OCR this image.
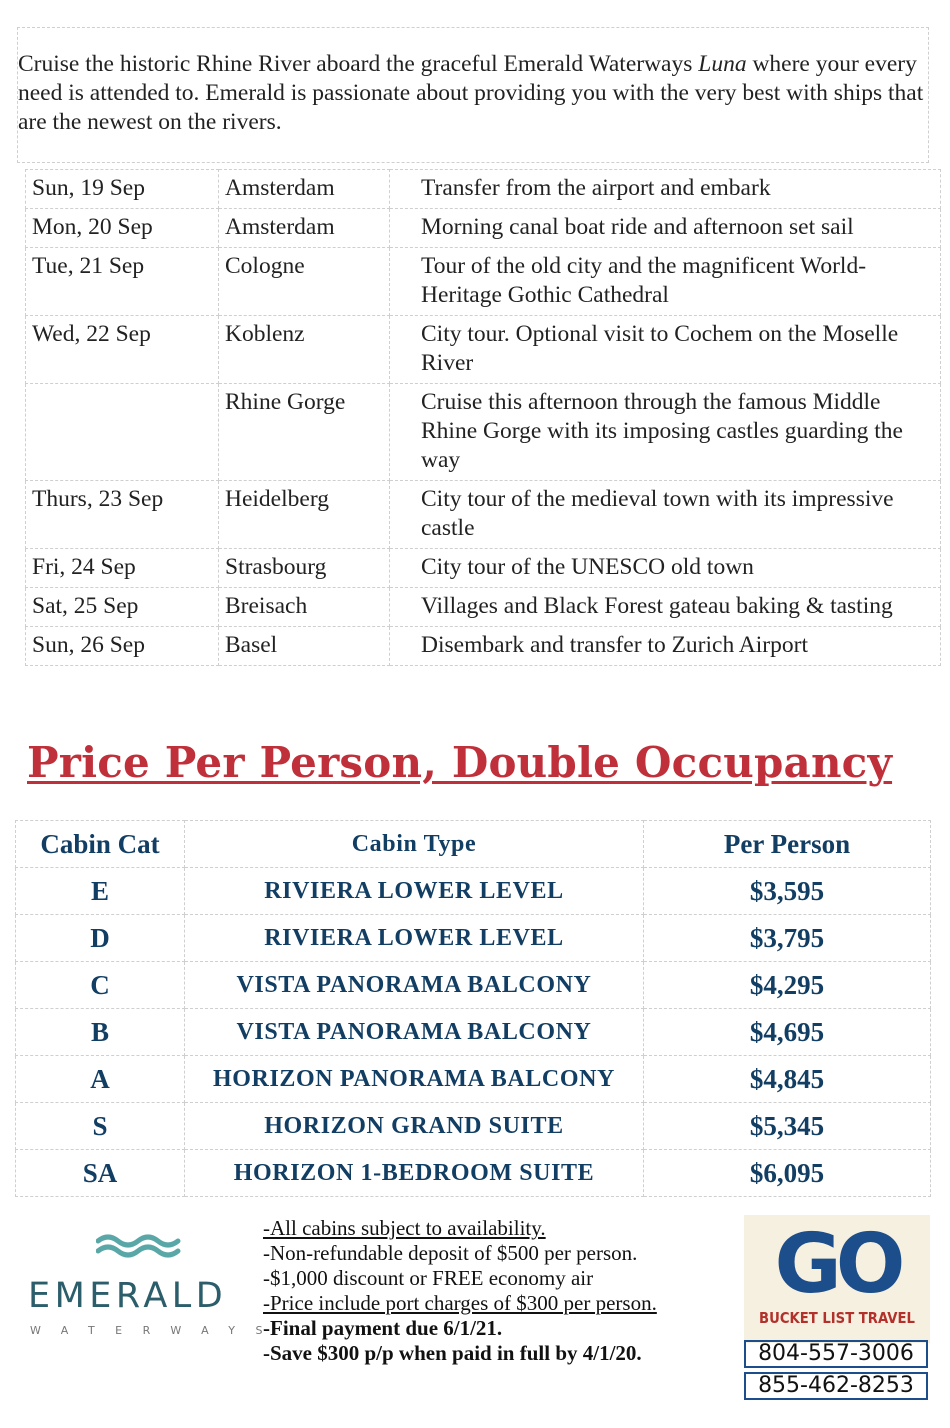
Cruise the historic Rhine River aboard the graceful Emerald Waterways Luna where your every need is attended to. Emerald is passionate about providing you with the very best with ships that are the newest on the rivers.
Sun, 19 Sep	Amsterdam	Transfer from the airport and embark
Mon, 20 Sep	Amsterdam	Morning canal boat ride and afternoon set sail
Tue, 21 Sep	Cologne	Tour of the old city and the magnificent World-Heritage Gothic Cathedral
Wed, 22 Sep	Koblenz	City tour. Optional visit to Cochem on the Moselle River
	Rhine Gorge	Cruise this afternoon through the famous Middle Rhine Gorge with its imposing castles guarding the way
Thurs, 23 Sep	Heidelberg	City tour of the medieval town with its impressive castle
Fri, 24 Sep	Strasbourg	City tour of the UNESCO old town
Sat, 25 Sep	Breisach	Villages and Black Forest gateau baking & tasting
Sun, 26 Sep	Basel	Disembark and transfer to Zurich Airport
Price Per Person, Double Occupancy
Cabin Cat	Cabin Type	Per Person
E	RIVIERA LOWER LEVEL	$3,595
D	RIVIERA LOWER LEVEL	$3,795
C	VISTA PANORAMA BALCONY	$4,295
B	VISTA PANORAMA BALCONY	$4,695
A	HORIZON PANORAMA BALCONY	$4,845
S	HORIZON GRAND SUITE	$5,345
SA	HORIZON 1-BEDROOM SUITE	$6,095
EMERALD
WATERWAYS
-All cabins subject to availability.
-Non-refundable deposit of $500 per person.
-$1,000 discount or FREE economy air
-Price include port charges of $300 per person.
-Final payment due 6/1/21.
-Save $300 p/p when paid in full by 4/1/20.
GO
BUCKET LIST TRAVEL
804-557-3006
855-462-8253
